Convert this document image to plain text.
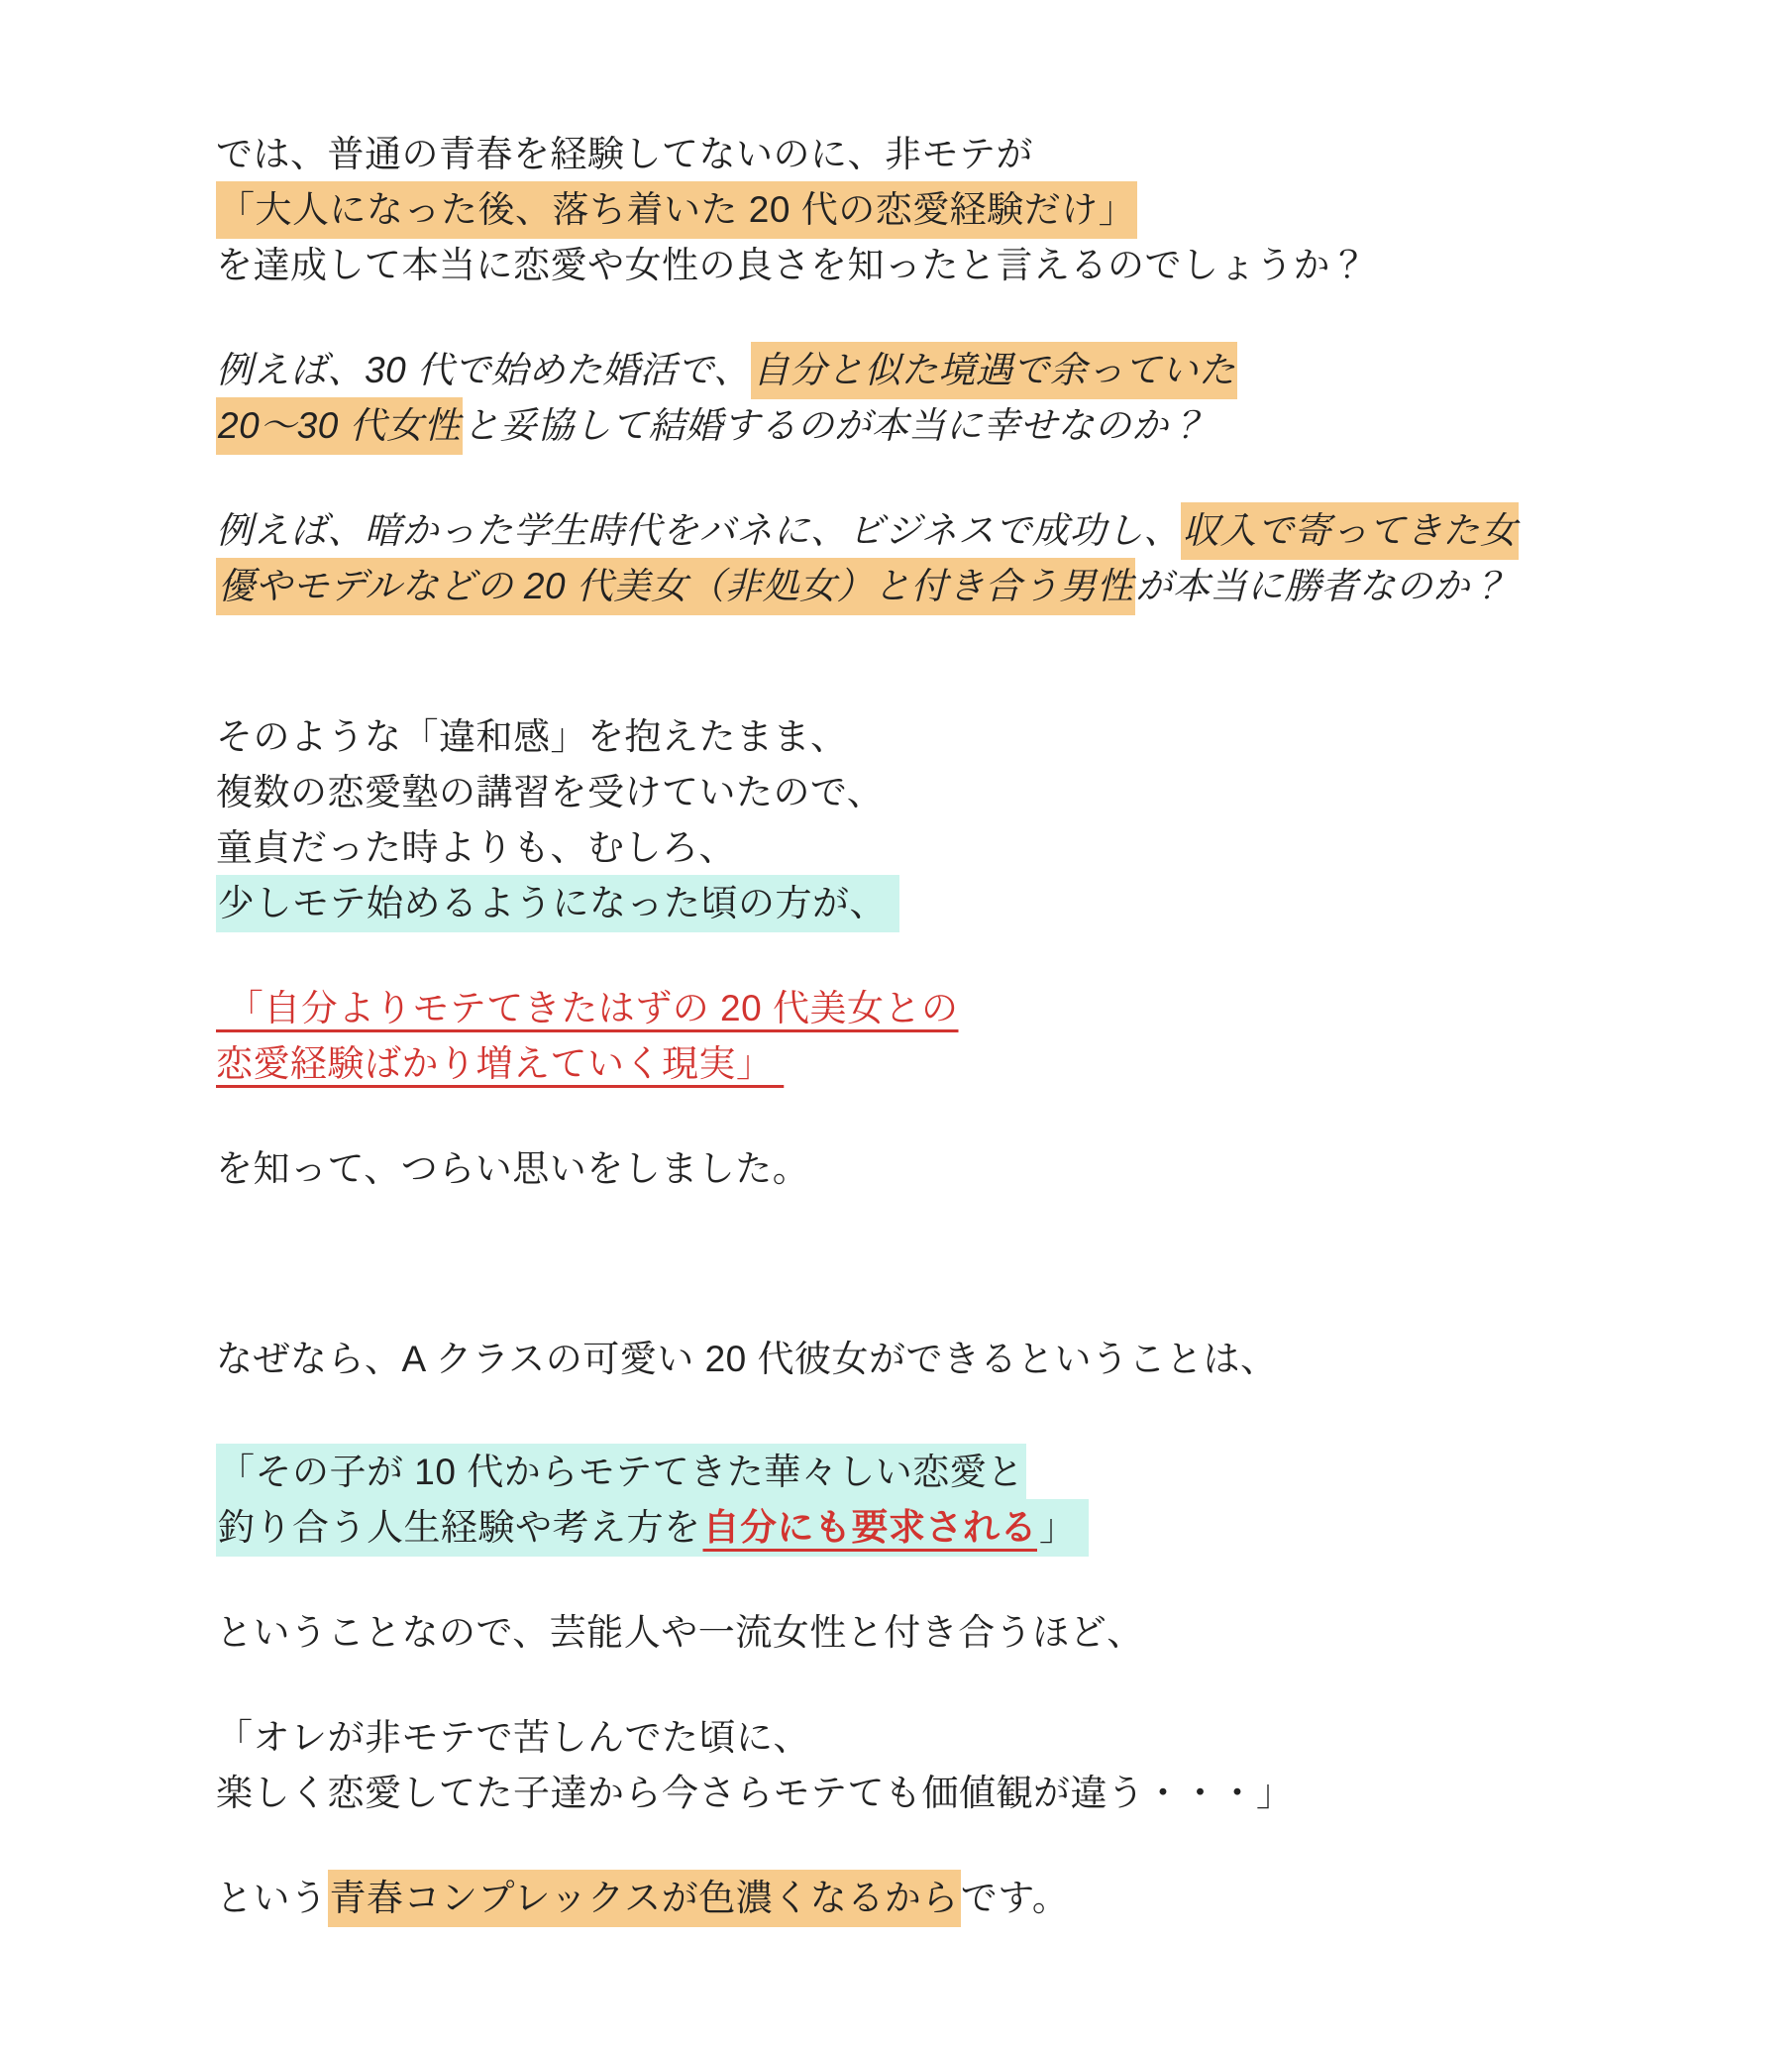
では、普通の青春を経験してないのに、非モテが
「大人になった後、落ち着いた 20 代の恋愛経験だけ」
を達成して本当に恋愛や女性の良さを知ったと言えるのでしょうか？

例えば、30 代で始めた婚活で、自分と似た境遇で余っていた
20〜30 代女性と妥協して結婚するのが本当に幸せなのか？

例えば、暗かった学生時代をバネに、ビジネスで成功し、収入で寄ってきた女
優やモデルなどの 20 代美女（非処女）と付き合う男性が本当に勝者なのか？

そのような「違和感」を抱えたまま、
複数の恋愛塾の講習を受けていたので、
童貞だった時よりも、むしろ、
少しモテ始めるようになった頃の方が、

「自分よりモテてきたはずの 20 代美女との
恋愛経験ばかり増えていく現実」

を知って、つらい思いをしました。

なぜなら、A クラスの可愛い 20 代彼女ができるということは、

「その子が 10 代からモテてきた華々しい恋愛と
釣り合う人生経験や考え方を自分にも要求される」

ということなので、芸能人や一流女性と付き合うほど、

「オレが非モテで苦しんでた頃に、
楽しく恋愛してた子達から今さらモテても価値観が違う・・・」

という青春コンプレックスが色濃くなるからです。
